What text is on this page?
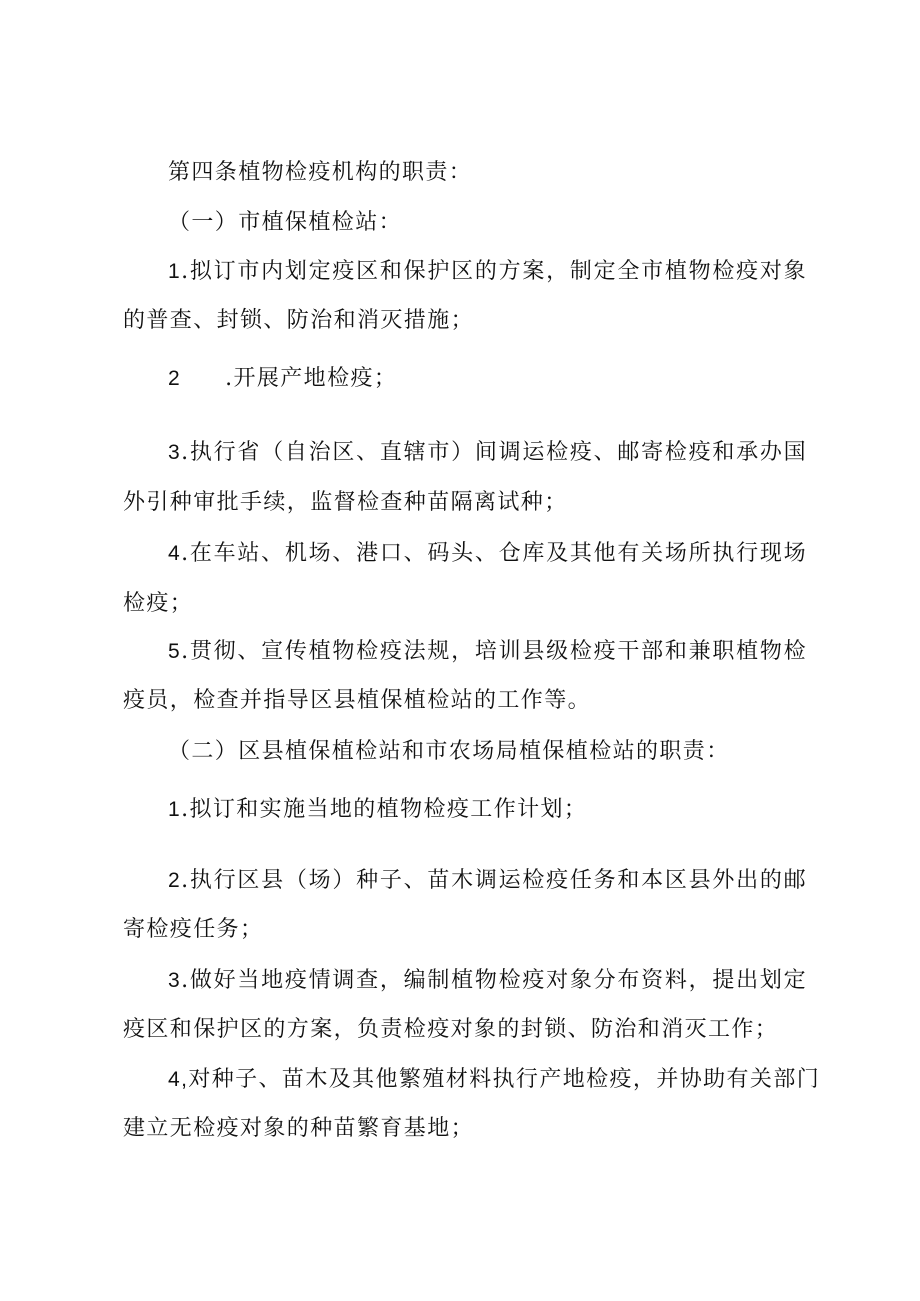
第四条植物检疫机构的职责：
（一）市植保植检站：
1.拟订市内划定疫区和保护区的方案，制定全市植物检疫对象
的普查、封锁、防治和消灭措施；
2 .开展产地检疫；
3.执行省（自治区、直辖市）间调运检疫、邮寄检疫和承办国
外引种审批手续，监督检查种苗隔离试种；
4.在车站、机场、港口、码头、仓库及其他有关场所执行现场
检疫；
5.贯彻、宣传植物检疫法规，培训县级检疫干部和兼职植物检
疫员，检查并指导区县植保植检站的工作等。
（二）区县植保植检站和市农场局植保植检站的职责：
1.拟订和实施当地的植物检疫工作计划；
2.执行区县（场）种子、苗木调运检疫任务和本区县外出的邮
寄检疫任务；
3.做好当地疫情调查，编制植物检疫对象分布资料，提出划定
疫区和保护区的方案，负责检疫对象的封锁、防治和消灭工作；
4,对种子、苗木及其他繁殖材料执行产地检疫，并协助有关部门
建立无检疫对象的种苗繁育基地；
